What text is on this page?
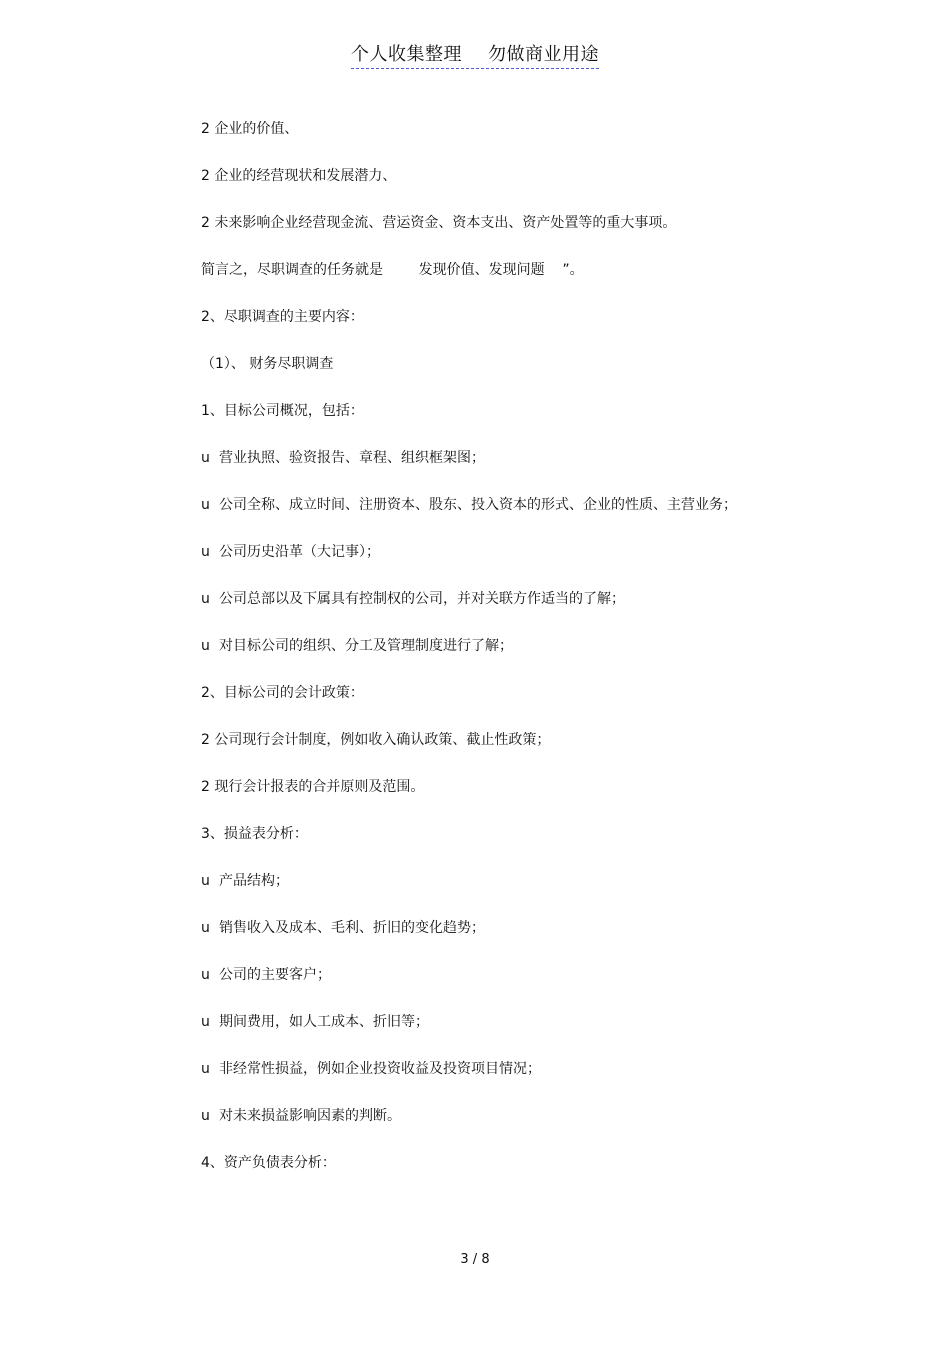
个人收集整理 勿做商业用途

2 企业的价值、

2 企业的经营现状和发展潜力、

2 未来影响企业经营现金流、营运资金、资本支出、资产处置等的重大事项。

简言之，尽职调查的任务就是        发现价值、发现问题    ”。

2、尽职调查的主要内容：

（1）、 财务尽职调查

1、目标公司概况，包括：

u 营业执照、验资报告、章程、组织框架图；

u 公司全称、成立时间、注册资本、股东、投入资本的形式、企业的性质、主营业务；

u 公司历史沿革（大记事）；

u 公司总部以及下属具有控制权的公司，并对关联方作适当的了解；

u 对目标公司的组织、分工及管理制度进行了解；

2、目标公司的会计政策：

2 公司现行会计制度，例如收入确认政策、截止性政策；

2 现行会计报表的合并原则及范围。

3、损益表分析：

u 产品结构；

u 销售收入及成本、毛利、折旧的变化趋势；

u 公司的主要客户；

u 期间费用，如人工成本、折旧等；

u 非经常性损益，例如企业投资收益及投资项目情况；

u 对未来损益影响因素的判断。

4、资产负债表分析：

3 / 8
